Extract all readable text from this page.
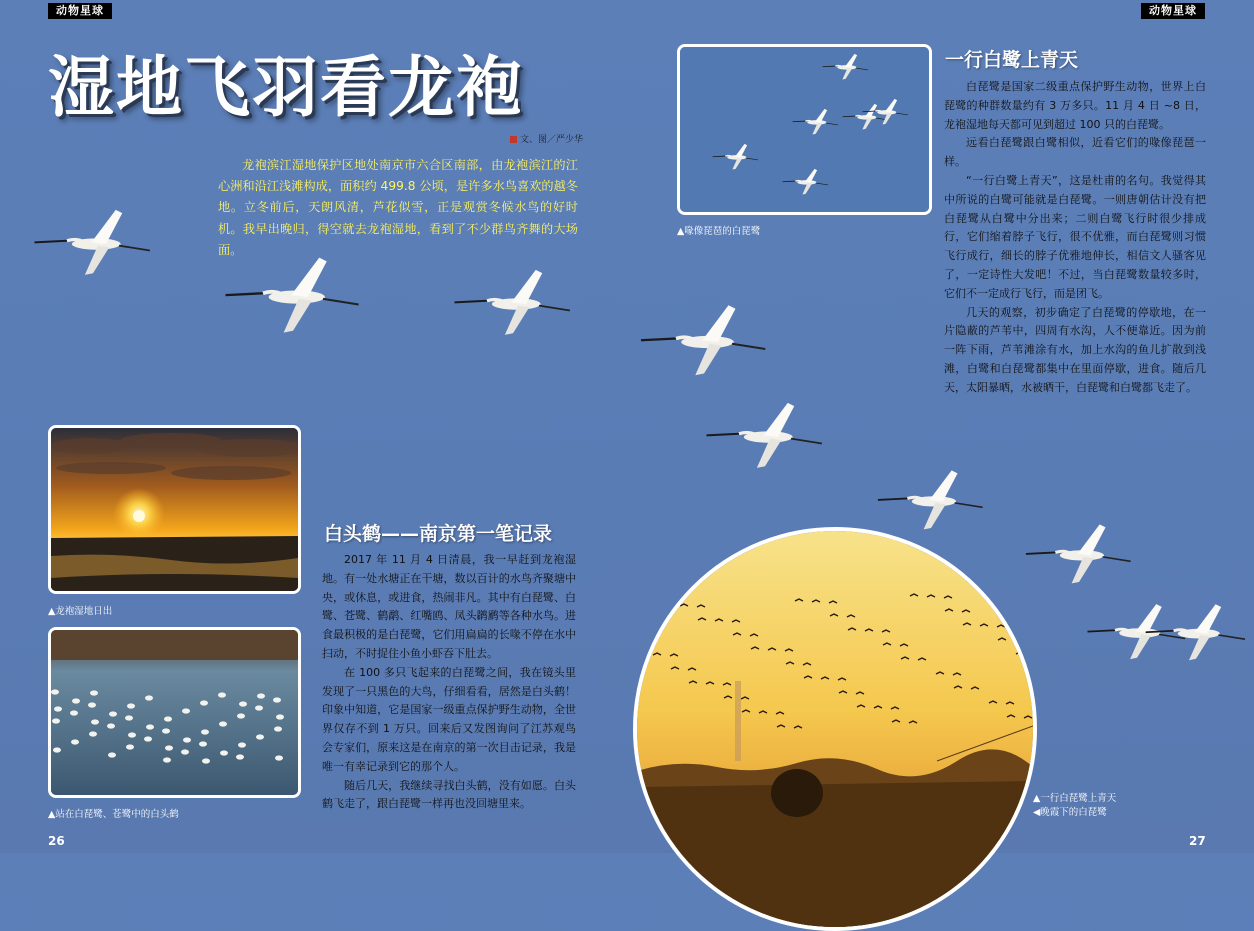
动物星球	动物星球
湿地飞羽看龙袍
文、图／严少华
龙袍滨江湿地保护区地处南京市六合区南部，由龙袍滨江的江心洲和沿江浅滩构成，面积约 499.8 公顷，是许多水鸟喜欢的越冬地。立冬前后，天朗风清，芦花似雪，正是观赏冬候水鸟的好时机。我早出晚归，得空就去龙袍湿地，看到了不少群鸟齐舞的大场面。
▲龙袍湿地日出
▲站在白琵鹭、苍鹭中的白头鹤
白头鹤——南京第一笔记录

2017 年 11 月 4 日清晨，我一早赶到龙袍湿地。有一处水塘正在干塘，数以百计的水鸟齐聚塘中央，或休息，或进食，热闹非凡。其中有白琵鹭、白鹭、苍鹭、鹤鹬、红嘴鸥、凤头䴙䴘等各种水鸟。进食最积极的是白琵鹭，它们用扁扁的长喙不停在水中扫动，不时捉住小鱼小虾吞下肚去。

在 100 多只飞起来的白琵鹭之间，我在镜头里发现了一只黑色的大鸟，仔细看看，居然是白头鹤！印象中知道，它是国家一级重点保护野生动物，全世界仅存不到 1 万只。回来后又发图询问了江苏观鸟会专家们，原来这是在南京的第一次目击记录，我是唯一有幸记录到它的那个人。

随后几天，我继续寻找白头鹤，没有如愿。白头鹤飞走了，跟白琵鹭一样再也没回塘里来。

▲喙像琵琶的白琵鹭
一行白鹭上青天

白琵鹭是国家二级重点保护野生动物，世界上白琵鹭的种群数量约有 3 万多只。11 月 4 日 ~8 日，龙袍湿地每天都可见到超过 100 只的白琵鹭。

远看白琵鹭跟白鹭相似，近看它们的喙像琵琶一样。

“一行白鹭上青天”，这是杜甫的名句。我觉得其中所说的白鹭可能就是白琵鹭。一则唐朝估计没有把白琵鹭从白鹭中分出来；二则白鹭飞行时很少排成行，它们缩着脖子飞行，很不优雅，而白琵鹭则习惯飞行成行，细长的脖子优雅地伸长，相信文人骚客见了，一定诗性大发吧！不过，当白琵鹭数量较多时，它们不一定成行飞行，而是团飞。

几天的观察，初步确定了白琵鹭的停歇地，在一片隐蔽的芦苇中，四周有水沟，人不便靠近。因为前一阵下雨，芦苇滩涂有水，加上水沟的鱼儿扩散到浅滩，白鹭和白琵鹭都集中在里面停歇，进食。随后几天，太阳暴晒，水被晒干，白琵鹭和白鹭都飞走了。

▲一行白琵鹭上青天
◀晚霞下的白琵鹭
26	27
